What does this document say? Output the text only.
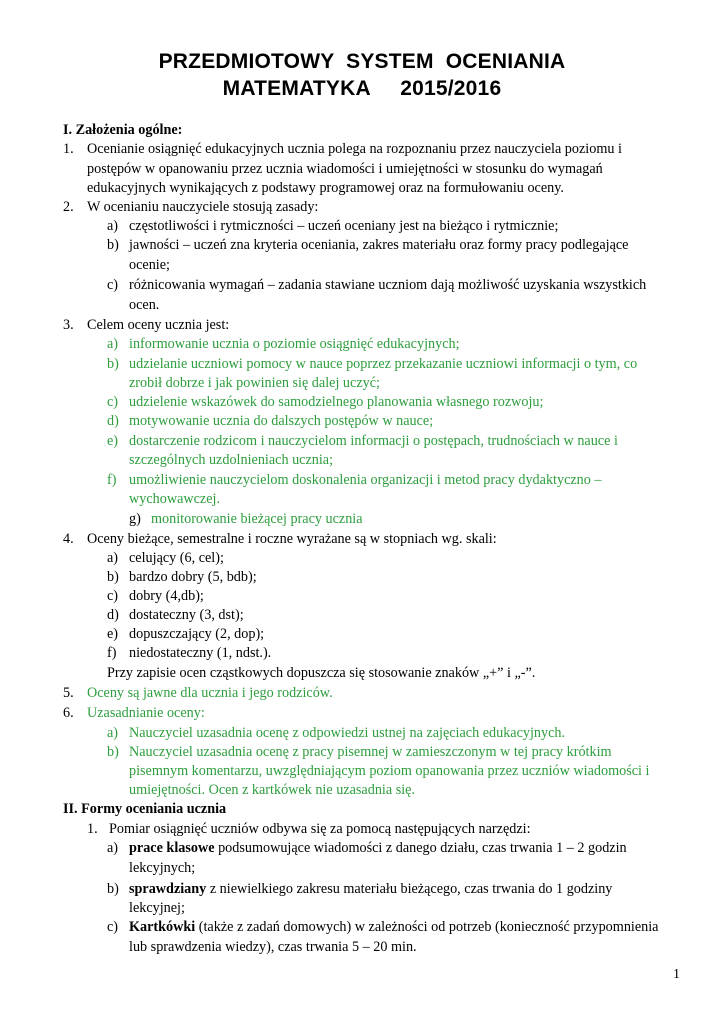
PRZEDMIOTOWY  SYSTEM  OCENIANIA
MATEMATYKA     2015/2016
I. Założenia ogólne:
1. Ocenianie osiągnięć edukacyjnych ucznia polega na rozpoznaniu przez nauczyciela poziomu i
postępów w opanowaniu przez ucznia wiadomości i umiejętności w stosunku do wymagań
edukacyjnych wynikających z podstawy programowej oraz na formułowaniu oceny.
2. W ocenianiu nauczyciele stosują zasady:
a) częstotliwości i rytmiczności – uczeń oceniany jest na bieżąco i rytmicznie;
b) jawności – uczeń zna kryteria oceniania, zakres materiału oraz formy pracy podlegające
ocenie;
c) różnicowania wymagań – zadania stawiane uczniom dają możliwość uzyskania wszystkich
ocen.
3. Celem oceny ucznia jest:
a) informowanie ucznia o poziomie osiągnięć edukacyjnych;
b) udzielanie uczniowi pomocy w nauce poprzez przekazanie uczniowi informacji o tym, co
zrobił dobrze i jak powinien się dalej uczyć;
c) udzielenie wskazówek do samodzielnego planowania własnego rozwoju;
d) motywowanie ucznia do dalszych postępów w nauce;
e) dostarczenie rodzicom i nauczycielom informacji o postępach, trudnościach w nauce i
szczególnych uzdolnieniach ucznia;
f) umożliwienie nauczycielom doskonalenia organizacji i metod pracy dydaktyczno –
wychowawczej.
g) monitorowanie bieżącej pracy ucznia
4. Oceny bieżące, semestralne i roczne wyrażane są w stopniach wg. skali:
a) celujący (6, cel);
b) bardzo dobry (5, bdb);
c) dobry (4,db);
d) dostateczny (3, dst);
e) dopuszczający (2, dop);
f) niedostateczny (1, ndst.).
Przy zapisie ocen cząstkowych dopuszcza się stosowanie znaków „+” i „-”.
5. Oceny są jawne dla ucznia i jego rodziców.
6. Uzasadnianie oceny:
a) Nauczyciel uzasadnia ocenę z odpowiedzi ustnej na zajęciach edukacyjnych.
b) Nauczyciel uzasadnia ocenę z pracy pisemnej w zamieszczonym w tej pracy krótkim
pisemnym komentarzu, uwzględniającym poziom opanowania przez uczniów wiadomości i
umiejętności. Ocen z kartkówek nie uzasadnia się.
II. Formy oceniania ucznia
1. Pomiar osiągnięć uczniów odbywa się za pomocą następujących narzędzi:
a) prace klasowe podsumowujące wiadomości z danego działu, czas trwania 1 – 2 godzin
lekcyjnych;
b) sprawdziany z niewielkiego zakresu materiału bieżącego, czas trwania do 1 godziny
lekcyjnej;
c) Kartkówki (także z zadań domowych) w zależności od potrzeb (konieczność przypomnienia
lub sprawdzenia wiedzy), czas trwania 5 – 20 min.
1
